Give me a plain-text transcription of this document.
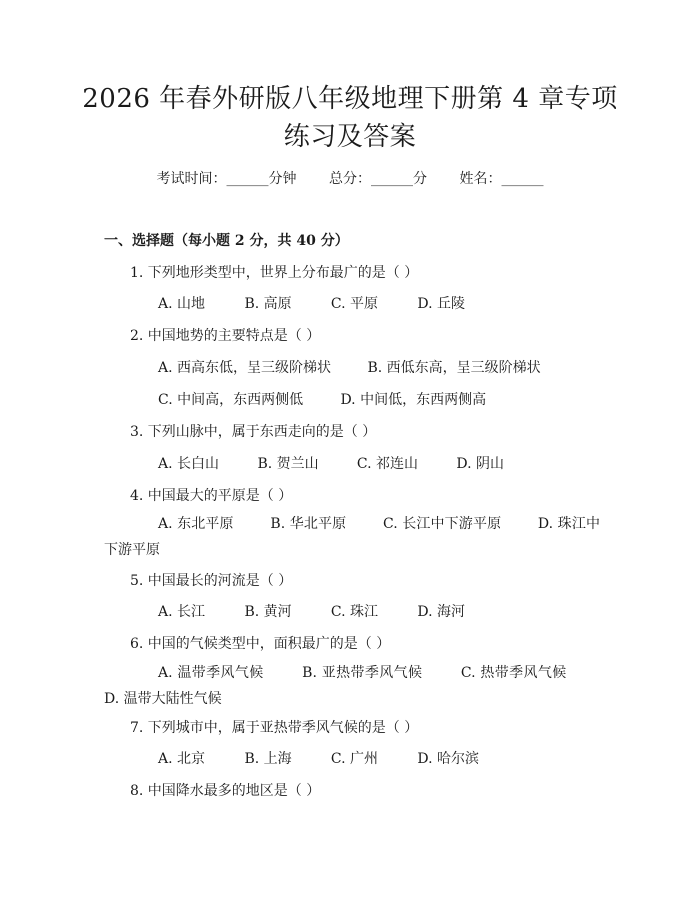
2026 年春外研版八年级地理下册第 4 章专项
练习及答案
考试时间：______分钟 总分：______分 姓名：______
一、选择题（每小题 2 分，共 40 分）
1. 下列地形类型中，世界上分布最广的是（ ）
A. 山地	B. 高原	C. 平原	D. 丘陵
2. 中国地势的主要特点是（ ）
A. 西高东低，呈三级阶梯状	B. 西低东高，呈三级阶梯状
C. 中间高，东西两侧低	D. 中间低，东西两侧高
3. 下列山脉中，属于东西走向的是（ ）
A. 长白山	B. 贺兰山	C. 祁连山	D. 阴山
4. 中国最大的平原是（ ）
A. 东北平原	B. 华北平原	C. 长江中下游平原	D. 珠江中下游平原
5. 中国最长的河流是（ ）
A. 长江	B. 黄河	C. 珠江	D. 海河
6. 中国的气候类型中，面积最广的是（ ）
A. 温带季风气候	B. 亚热带季风气候	C. 热带季风气候        D. 温带大陆性气候
7. 下列城市中，属于亚热带季风气候的是（ ）
A. 北京	B. 上海	C. 广州	D. 哈尔滨
8. 中国降水最多的地区是（ ）
